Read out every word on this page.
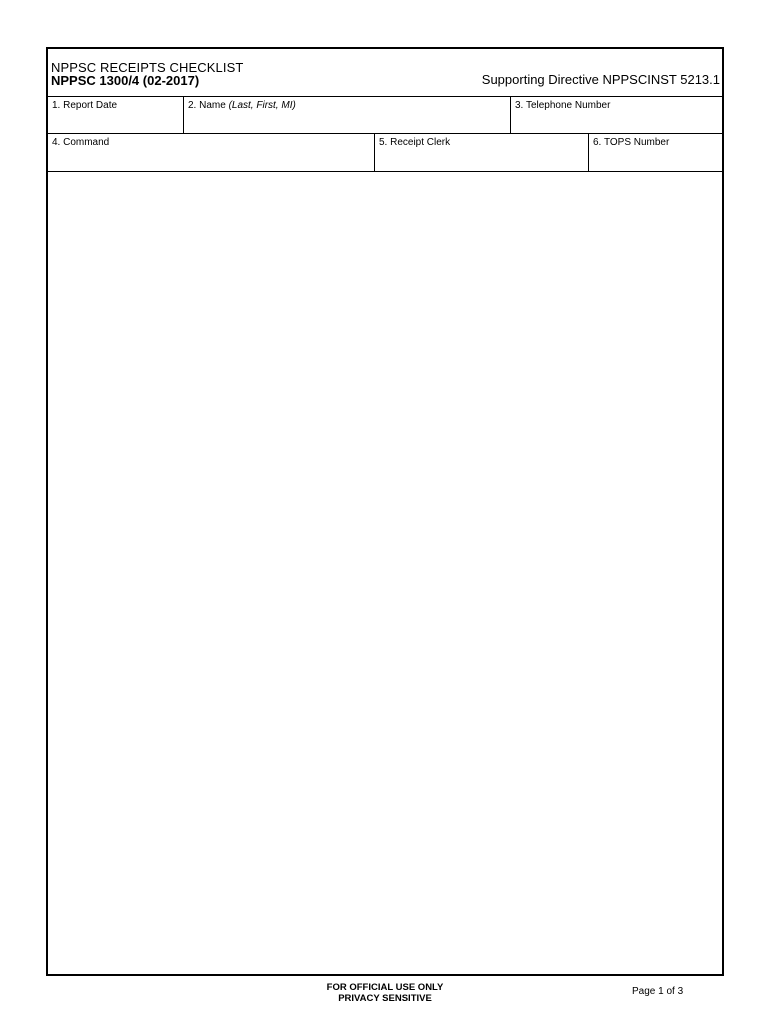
NPPSC RECEIPTS CHECKLIST
NPPSC 1300/4 (02-2017)	Supporting Directive NPPSCINST 5213.1
1. Report Date	2. Name (Last, First, MI)	3. Telephone Number
4. Command	5. Receipt Clerk	6. TOPS Number
FOR OFFICIAL USE ONLY
PRIVACY SENSITIVE
Page 1 of 3
